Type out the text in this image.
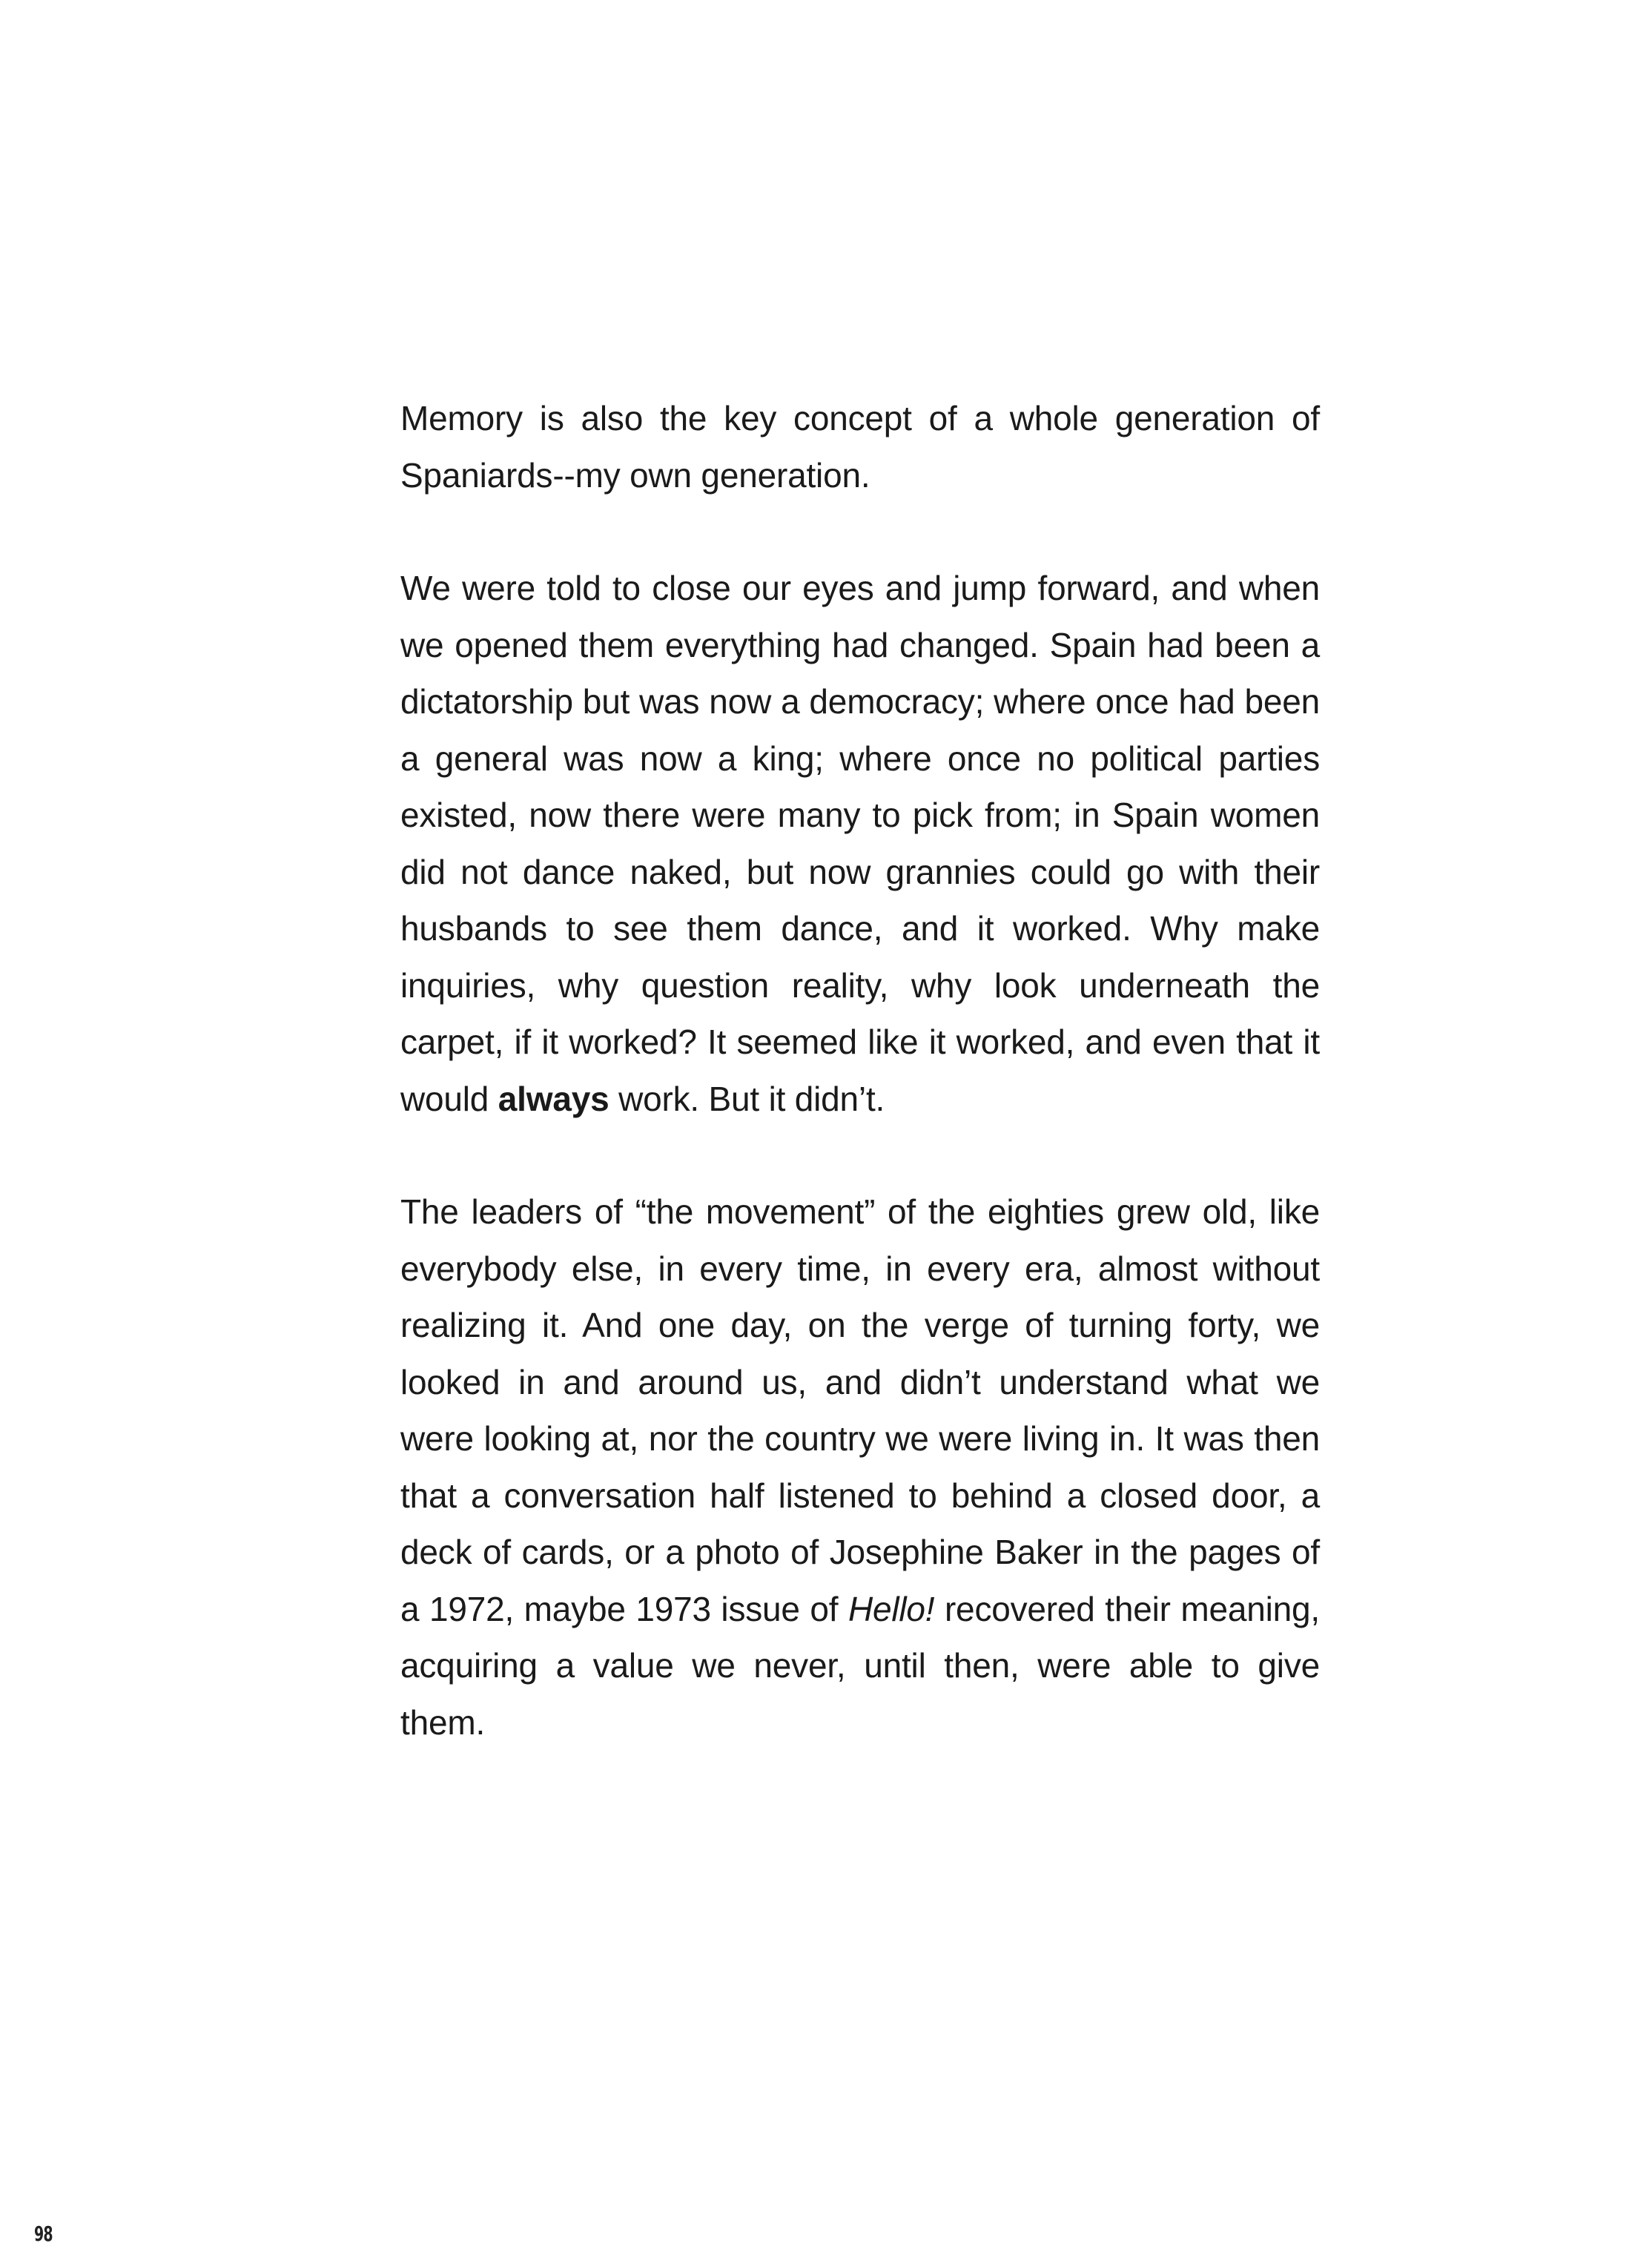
Memory is also the key concept of a whole generation of Spaniards--my own generation.

We were told to close our eyes and jump forward, and when we opened them everything had changed. Spain had been a dictatorship but was now a democracy; where once had been a general was now a king; where once no political parties existed, now there were many to pick from; in Spain women did not dance naked, but now grannies could go with their husbands to see them dance, and it worked. Why make inquiries, why question reality, why look underneath the carpet, if it worked? It seemed like it worked, and even that it would always work. But it didn’t.

The leaders of “the movement” of the eighties grew old, like everybody else, in every time, in every era, almost without realizing it. And one day, on the verge of turning forty, we looked in and around us, and didn’t understand what we were looking at, nor the country we were living in. It was then that a conversation half listened to behind a closed door, a deck of cards, or a photo of Josephine Baker in the pages of a 1972, maybe 1973 issue of Hello! recovered their meaning, acquiring a value we never, until then, were able to give them.

98
